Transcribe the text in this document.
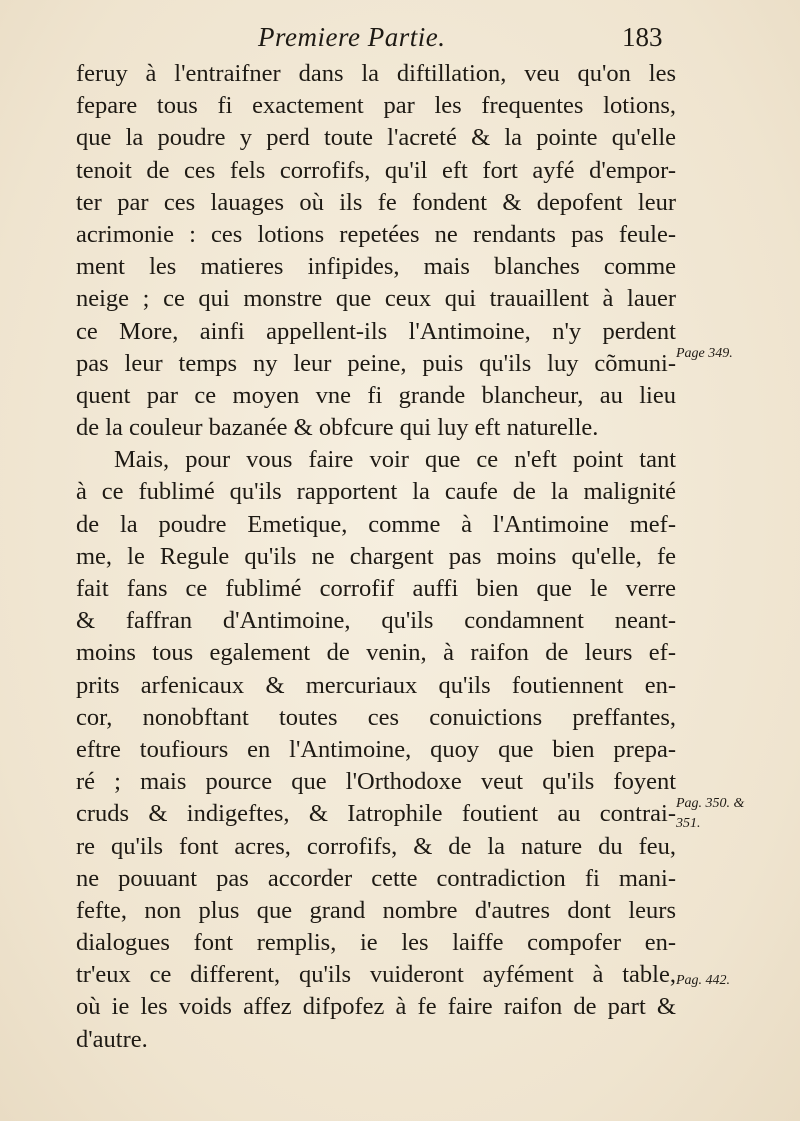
Premiere Partie.	183
feruy à l'entraifner dans la diftillation, veu qu'on les
fepare tous fi exactement par les frequentes lotions,
que la poudre y perd toute l'acreté & la pointe qu'elle
tenoit de ces fels corrofifs, qu'il eft fort ayfé d'empor-
ter par ces lauages où ils fe fondent & depofent leur
acrimonie : ces lotions repetées ne rendants pas feule-
ment les matieres infipides, mais blanches comme
neige ; ce qui monstre que ceux qui trauaillent à lauer
ce More, ainfi appellent-ils l'Antimoine, n'y perdent
pas leur temps ny leur peine, puis qu'ils luy cõmuni-
quent par ce moyen vne fi grande blancheur, au lieu
de la couleur bazanée & obfcure qui luy eft naturelle.
Mais, pour vous faire voir que ce n'eft point tant
à ce fublimé qu'ils rapportent la caufe de la malignité
de la poudre Emetique, comme à l'Antimoine mef-
me, le Regule qu'ils ne chargent pas moins qu'elle, fe
fait fans ce fublimé corrofif auffi bien que le verre
& faffran d'Antimoine, qu'ils condamnent neant-
moins tous egalement de venin, à raifon de leurs ef-
prits arfenicaux & mercuriaux qu'ils foutiennent en-
cor, nonobftant toutes ces conuictions preffantes,
eftre toufiours en l'Antimoine, quoy que bien prepa-
ré ; mais pource que l'Orthodoxe veut qu'ils foyent
cruds & indigeftes, & Iatrophile foutient au contrai-
re qu'ils font acres, corrofifs, & de la nature du feu,
ne pouuant pas accorder cette contradiction fi mani-
fefte, non plus que grand nombre d'autres dont leurs
dialogues font remplis, ie les laiffe compofer en-
tr'eux ce different, qu'ils vuideront ayfément à table,
où ie les voids affez difpofez à fe faire raifon de part &
d'autre.
Page 349.
Pag. 350. &
351.
Pag. 442.
